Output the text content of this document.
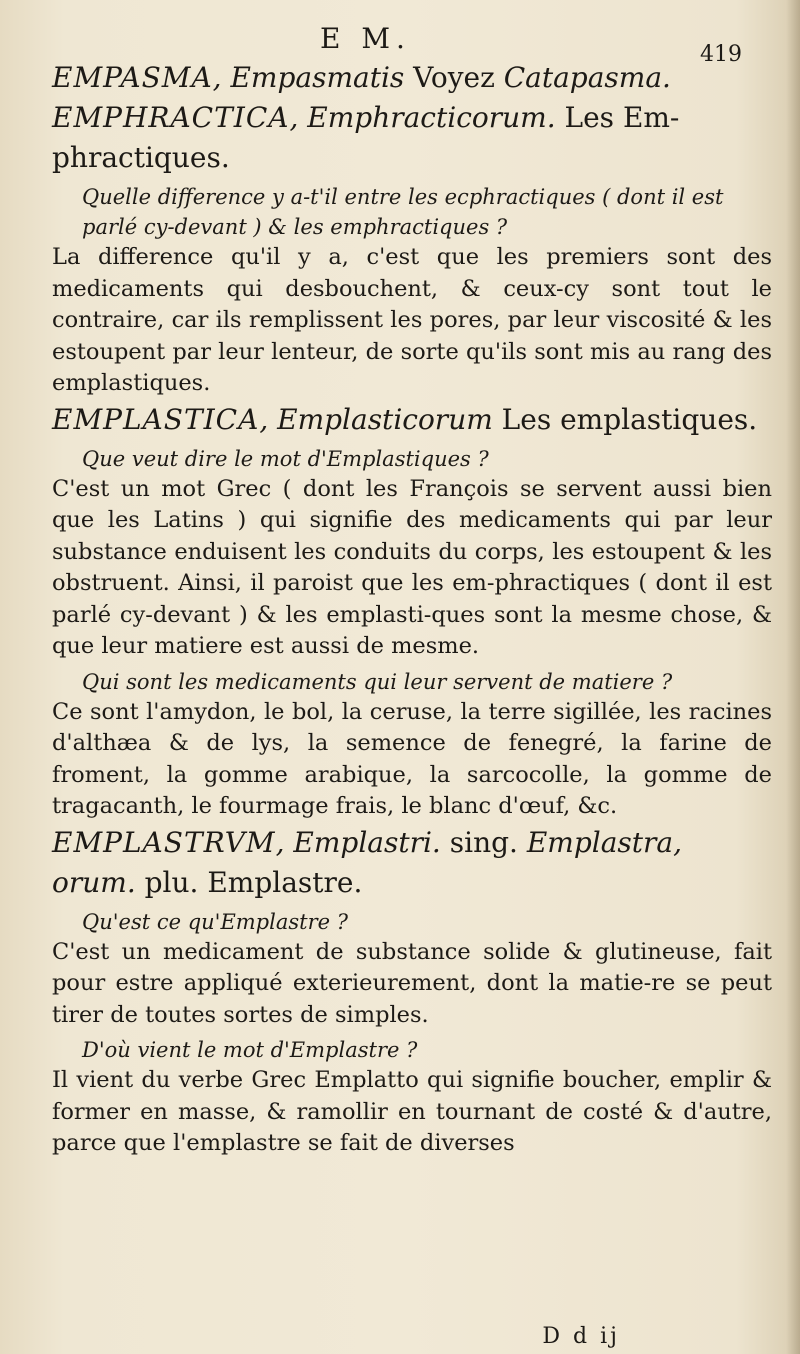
E M.	419

EMPASMA, Empasmatis Voyez Catapasma.

EMPHRACTICA, Emphracticorum. Les Em-phractiques.

Quelle difference y a-t'il entre les ecphractiques ( dont il est parlé cy-devant ) & les emphractiques ?

La difference qu'il y a, c'est que les premiers sont des medicaments qui desbouchent, & ceux-cy sont tout le contraire, car ils remplissent les pores, par leur viscosité & les estoupent par leur lenteur, de sorte qu'ils sont mis au rang des emplastiques.

EMPLASTICA, Emplasticorum Les emplastiques.

Que veut dire le mot d'Emplastiques ?

C'est un mot Grec ( dont les François se servent aussi bien que les Latins ) qui signifie des medicaments qui par leur substance enduisent les conduits du corps, les estoupent & les obstruent. Ainsi, il paroist que les em-phractiques ( dont il est parlé cy-devant ) & les emplasti-ques sont la mesme chose, & que leur matiere est aussi de mesme.

Qui sont les medicaments qui leur servent de matiere ?

Ce sont l'amydon, le bol, la ceruse, la terre sigillée, les racines d'althæa & de lys, la semence de fenegré, la farine de froment, la gomme arabique, la sarcocolle, la gomme de tragacanth, le fourmage frais, le blanc d'œuf, &c.

EMPLASTRVM, Emplastri. sing. Emplastra, orum. plu. Emplastre.

Qu'est ce qu'Emplastre ?

C'est un medicament de substance solide & glutineuse, fait pour estre appliqué exterieurement, dont la matie-re se peut tirer de toutes sortes de simples.

D'où vient le mot d'Emplastre ?

Il vient du verbe Grec Emplatto qui signifie boucher, emplir & former en masse, & ramollir en tournant de costé & d'autre, parce que l'emplastre se fait de diverses

D d ij
